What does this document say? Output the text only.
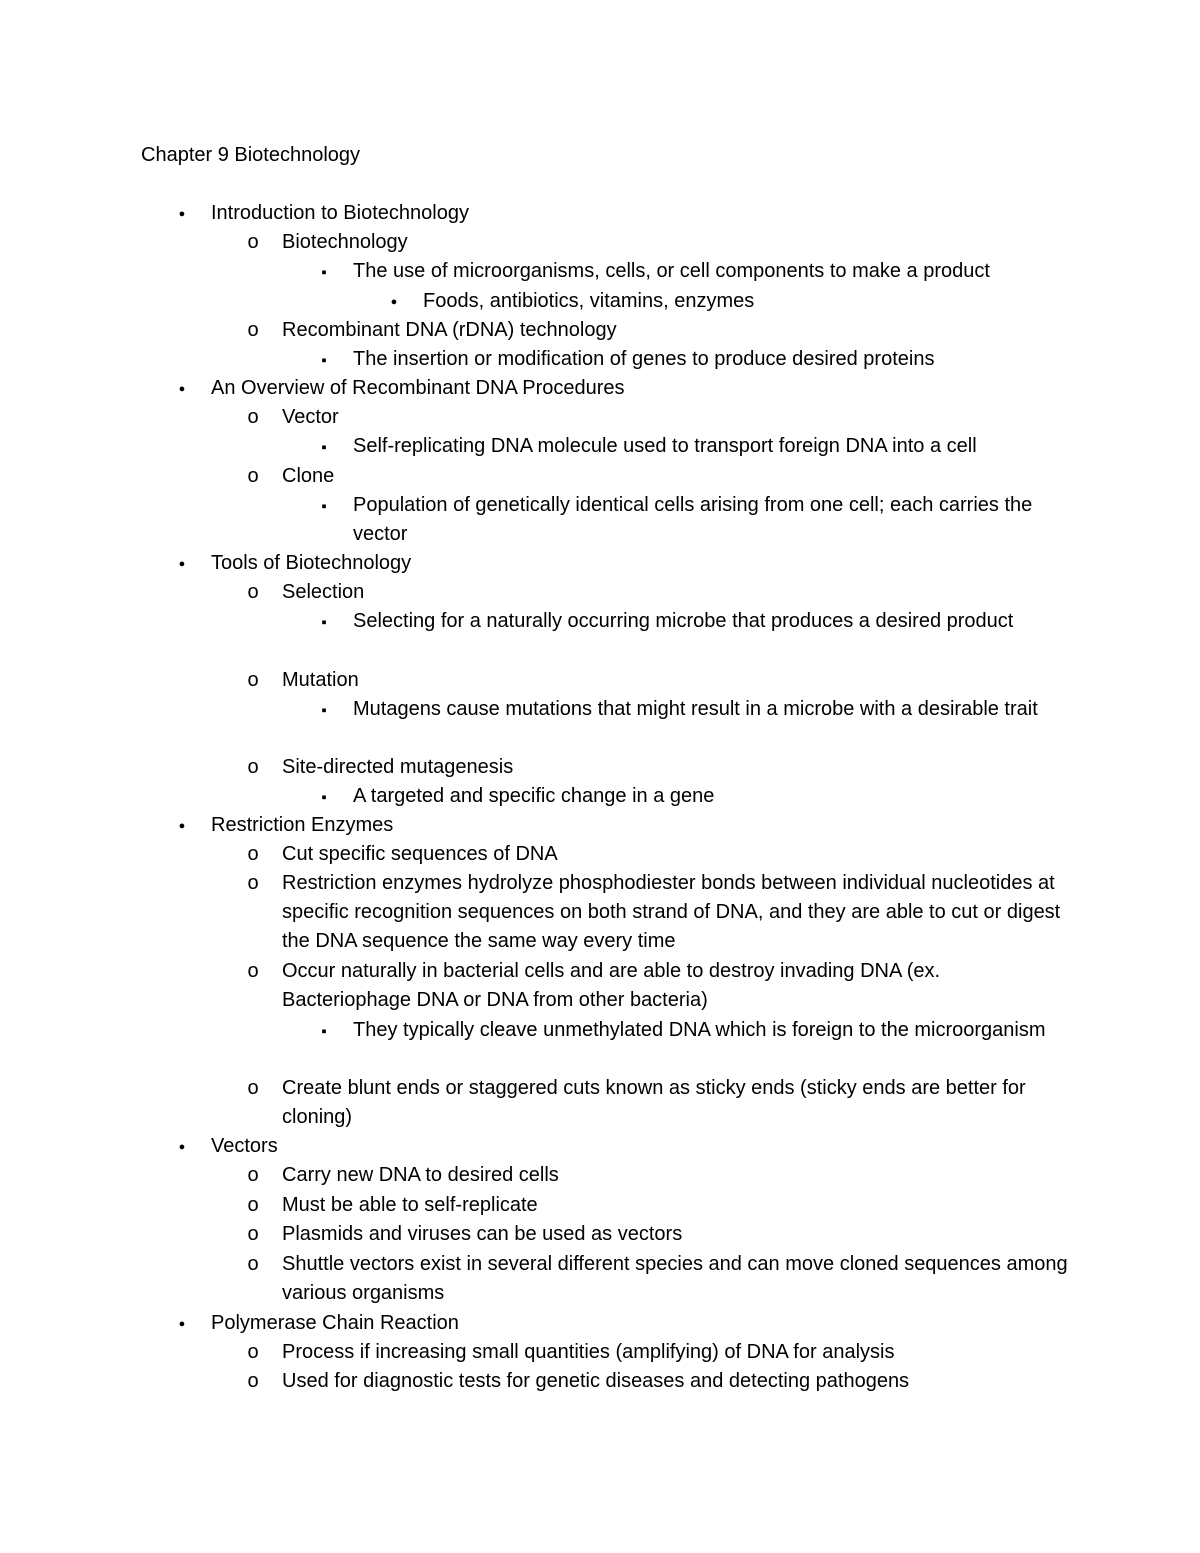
Chapter 9 Biotechnology
●
Introduction to Biotechnology
o
Biotechnology
▪
The use of microorganisms, cells, or cell components to make a product
●
Foods, antibiotics, vitamins, enzymes
o
Recombinant DNA (rDNA) technology
▪
The insertion or modification of genes to produce desired proteins
●
An Overview of Recombinant DNA Procedures
o
Vector
▪
Self-replicating DNA molecule used to transport foreign DNA into a cell
o
Clone
▪
Population of genetically identical cells arising from one cell; each carries the vector
●
Tools of Biotechnology
o
Selection
▪
Selecting for a naturally occurring microbe that produces a desired product
o
Mutation
▪
Mutagens cause mutations that might result in a microbe with a desirable trait
o
Site-directed mutagenesis
▪
A targeted and specific change in a gene
●
Restriction Enzymes
o
Cut specific sequences of DNA
o
Restriction enzymes hydrolyze phosphodiester bonds between individual nucleotides at specific recognition sequences on both strand of DNA, and they are able to cut or digest the DNA sequence the same way every time
o
Occur naturally in bacterial cells and are able to destroy invading DNA (ex. Bacteriophage DNA or DNA from other bacteria)
▪
They typically cleave unmethylated DNA which is foreign to the microorganism
o
Create blunt ends or staggered cuts known as sticky ends (sticky ends are better for cloning)
●
Vectors
o
Carry new DNA to desired cells
o
Must be able to self-replicate
o
Plasmids and viruses can be used as vectors
o
Shuttle vectors exist in several different species and can move cloned sequences among various organisms
●
Polymerase Chain Reaction
o
Process if increasing small quantities (amplifying) of DNA for analysis
o
Used for diagnostic tests for genetic diseases and detecting pathogens
